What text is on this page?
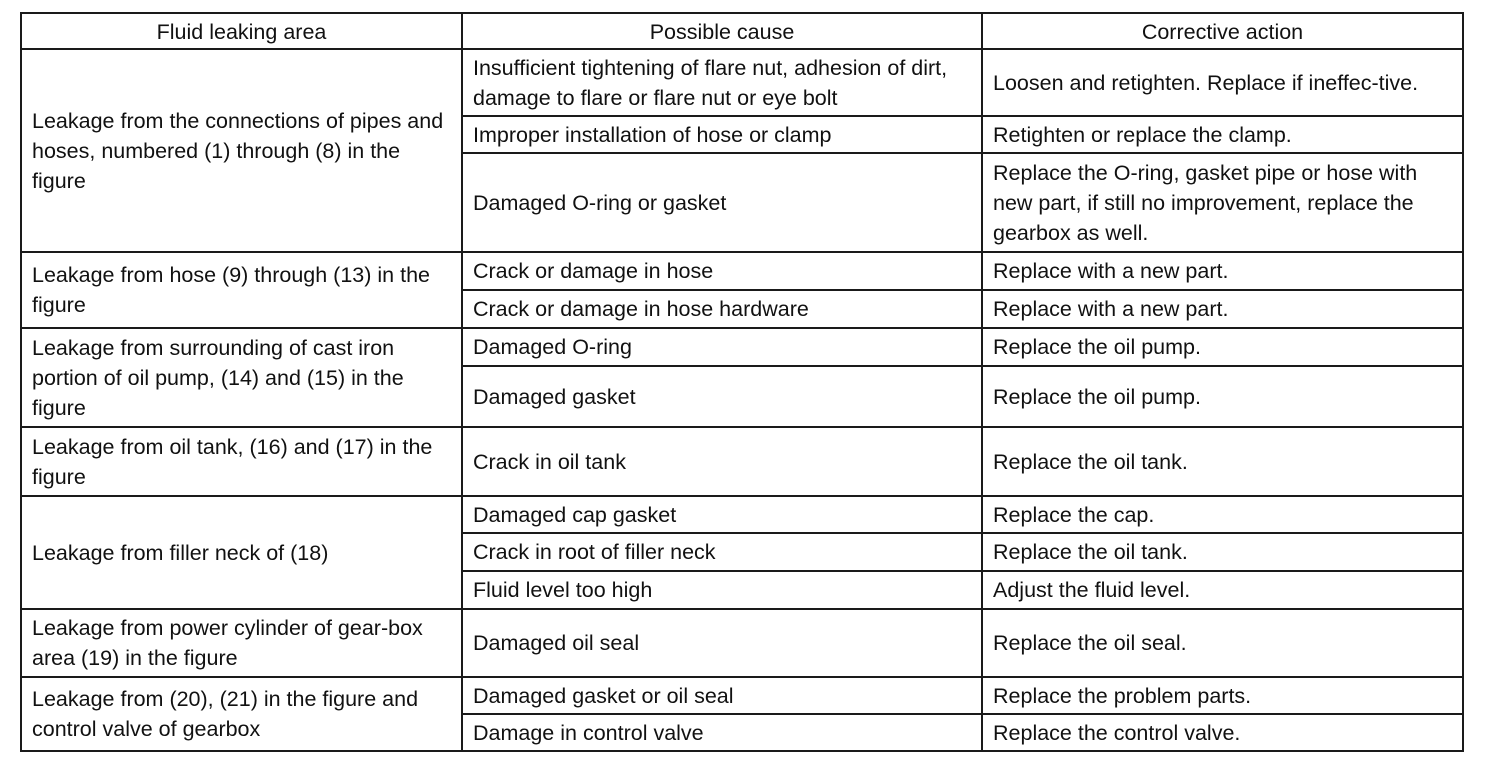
Fluid leaking area	Possible cause	Corrective action
Leakage from the connections of pipes and hoses, numbered (1) through (8) in the figure	Insufficient tightening of flare nut, adhesion of dirt, damage to flare or flare nut or eye bolt	Loosen and retighten. Replace if ineffec-tive.
	Improper installation of hose or clamp	Retighten or replace the clamp.
	Damaged O-ring or gasket	Replace the O-ring, gasket pipe or hose with new part, if still no improvement, replace the gearbox as well.
Leakage from hose (9) through (13) in the figure	Crack or damage in hose	Replace with a new part.
	Crack or damage in hose hardware	Replace with a new part.
Leakage from surrounding of cast iron portion of oil pump, (14) and (15) in the figure	Damaged O-ring	Replace the oil pump.
	Damaged gasket	Replace the oil pump.
Leakage from oil tank, (16) and (17) in the figure	Crack in oil tank	Replace the oil tank.
Leakage from filler neck of (18)	Damaged cap gasket	Replace the cap.
	Crack in root of filler neck	Replace the oil tank.
	Fluid level too high	Adjust the fluid level.
Leakage from power cylinder of gear-box area (19) in the figure	Damaged oil seal	Replace the oil seal.
Leakage from (20), (21) in the figure and control valve of gearbox	Damaged gasket or oil seal	Replace the problem parts.
	Damage in control valve	Replace the control valve.
